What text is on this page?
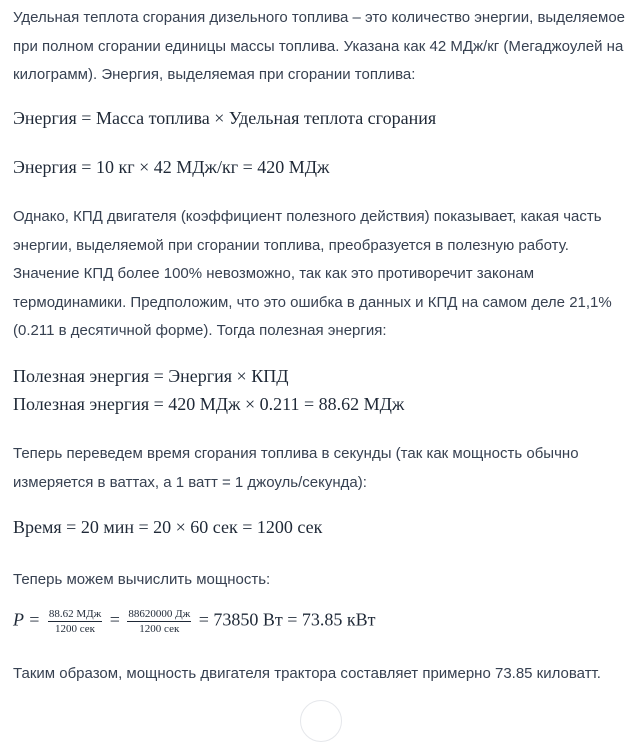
Удельная теплота сгорания дизельного топлива – это количество энергии, выделяемое при полном сгорании единицы массы топлива. Указана как 42 МДж/кг (Мегаджоулей на килограмм). Энергия, выделяемая при сгорании топлива:
Энергия = Масса топлива × Удельная теплота сгорания
Энергия = 10 кг × 42 МДж/кг = 420 МДж
Однако, КПД двигателя (коэффициент полезного действия) показывает, какая часть энергии, выделяемой при сгорании топлива, преобразуется в полезную работу. Значение КПД более 100% невозможно, так как это противоречит законам термодинамики. Предположим, что это ошибка в данных и КПД на самом деле 21,1% (0.211 в десятичной форме). Тогда полезная энергия:
Полезная энергия = Энергия × КПД
Полезная энергия = 420 МДж × 0.211 = 88.62 МДж
Теперь переведем время сгорания топлива в секунды (так как мощность обычно измеряется в ваттах, а 1 ватт = 1 джоуль/секунда):
Время = 20 мин = 20 × 60 сек = 1200 сек
Теперь можем вычислить мощность:
$P = \frac{\text{88.62 МДж}}{\text{1200 сек}} = \frac{88620000 Дж}{\text{1200 сек}} = 73850$ Вт = 73.85 кВт
Таким образом, мощность двигателя трактора составляет примерно 73.85 киловатт.
